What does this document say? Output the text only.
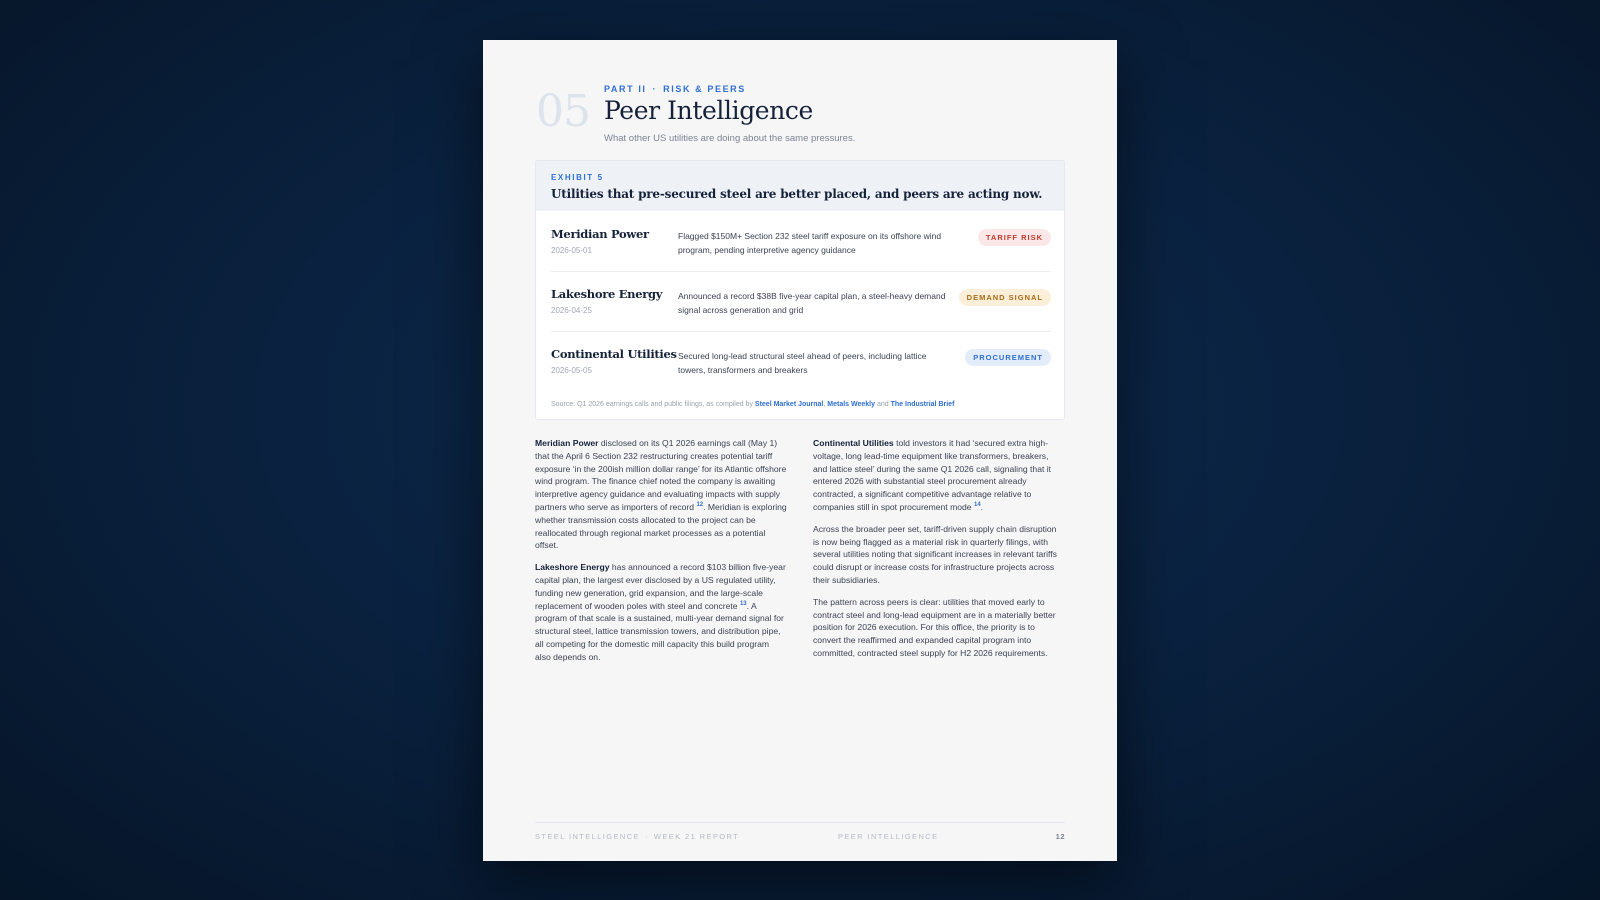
05 PART II · RISK & PEERS
Peer Intelligence
What other US utilities are doing about the same pressures.
EXHIBIT 5
Utilities that pre-secured steel are better placed, and peers are acting now.
Meridian Power
2026-05-01
Flagged $150M+ Section 232 steel tariff exposure on its offshore wind program, pending interpretive agency guidance
TARIFF RISK
Lakeshore Energy
2026-04-25
Announced a record $38B five-year capital plan, a steel-heavy demand signal across generation and grid
DEMAND SIGNAL
Continental Utilities
2026-05-05
Secured long-lead structural steel ahead of peers, including lattice towers, transformers and breakers
PROCUREMENT
Source: Q1 2026 earnings calls and public filings, as compiled by Steel Market Journal, Metals Weekly and The Industrial Brief

Meridian Power disclosed on its Q1 2026 earnings call (May 1) that the April 6 Section 232 restructuring creates potential tariff exposure ‘in the 200ish million dollar range’ for its Atlantic offshore wind program. The finance chief noted the company is awaiting interpretive agency guidance and evaluating impacts with supply partners who serve as importers of record $^{12}$. Meridian is exploring whether transmission costs allocated to the project can be reallocated through regional market processes as a potential offset.

Lakeshore Energy has announced a record $103 billion five-year capital plan, the largest ever disclosed by a US regulated utility, funding new generation, grid expansion, and the large-scale replacement of wooden poles with steel and concrete $^{13}$. A program of that scale is a sustained, multi-year demand signal for structural steel, lattice transmission towers, and distribution pipe, all competing for the domestic mill capacity this build program also depends on.

Continental Utilities told investors it had ‘secured extra high-voltage, long lead-time equipment like transformers, breakers, and lattice steel’ during the same Q1 2026 call, signaling that it entered 2026 with substantial steel procurement already contracted, a significant competitive advantage relative to companies still in spot procurement mode $^{14}$.

Across the broader peer set, tariff-driven supply chain disruption is now being flagged as a material risk in quarterly filings, with several utilities noting that significant increases in relevant tariffs could disrupt or increase costs for infrastructure projects across their subsidiaries.

The pattern across peers is clear: utilities that moved early to contract steel and long-lead equipment are in a materially better position for 2026 execution. For this office, the priority is to convert the reaffirmed and expanded capital program into committed, contracted steel supply for H2 2026 requirements.

STEEL INTELLIGENCE · WEEK 21 REPORT	PEER INTELLIGENCE	12
